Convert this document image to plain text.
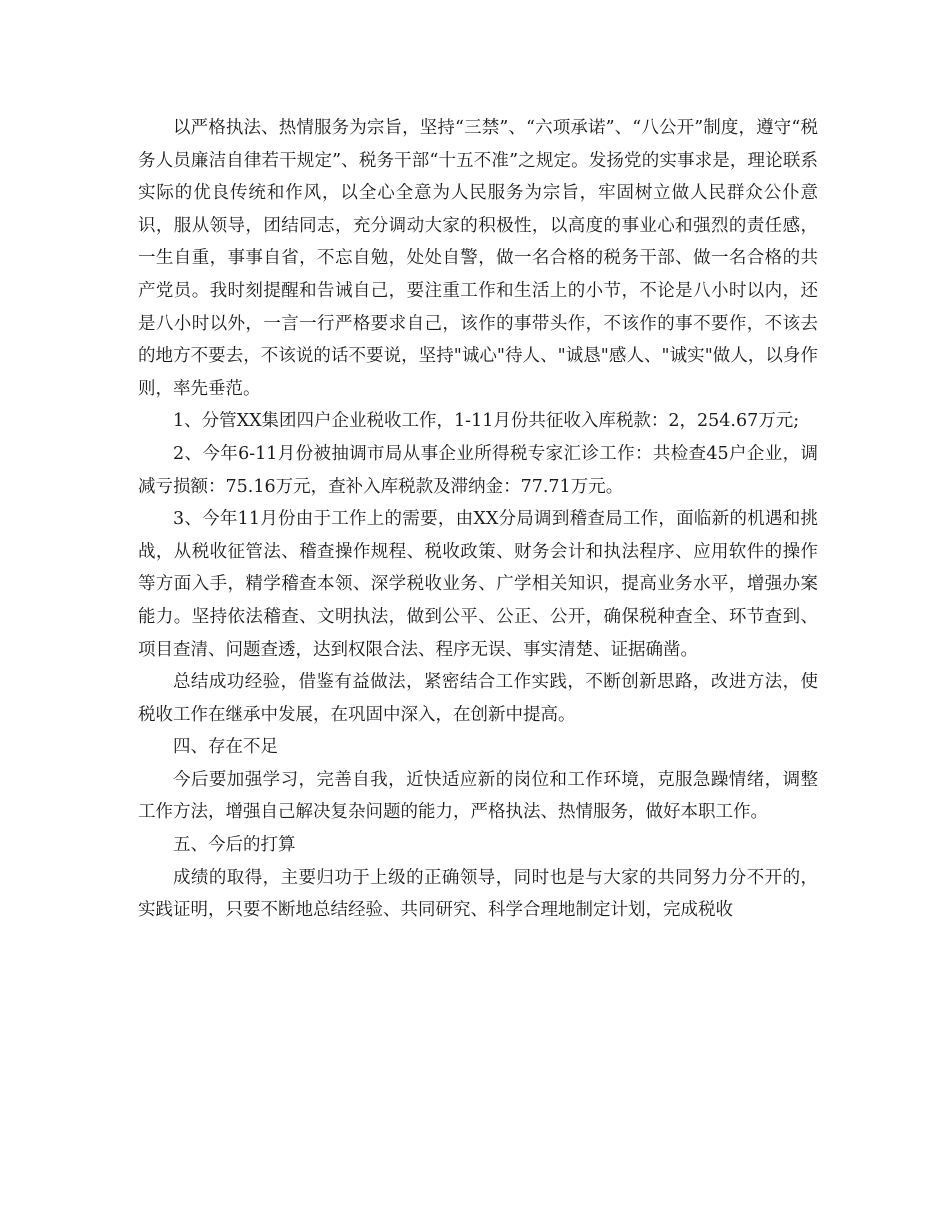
以严格执法、热情服务为宗旨，坚持“三禁”、“六项承诺”、“八公开”制度，遵守“税务人员廉洁自律若干规定”、税务干部“十五不准”之规定。发扬党的实事求是，理论联系实际的优良传统和作风，以全心全意为人民服务为宗旨，牢固树立做人民群众公仆意识，服从领导，团结同志，充分调动大家的积极性，以高度的事业心和强烈的责任感，一生自重，事事自省，不忘自勉，处处自警，做一名合格的税务干部、做一名合格的共产党员。我时刻提醒和告诫自己，要注重工作和生活上的小节，不论是八小时以内，还是八小时以外，一言一行严格要求自己，该作的事带头作，不该作的事不要作，不该去的地方不要去，不该说的话不要说，坚持"诚心"待人、"诚恳"感人、"诚实"做人，以身作则，率先垂范。

1、分管XX集团四户企业税收工作，1-11月份共征收入库税款：2，254.67万元;

2、今年6-11月份被抽调市局从事企业所得税专家汇诊工作：共检查45户企业，调减亏损额：75.16万元，查补入库税款及滞纳金：77.71万元。

3、今年11月份由于工作上的需要，由XX分局调到稽查局工作，面临新的机遇和挑战，从税收征管法、稽查操作规程、税收政策、财务会计和执法程序、应用软件的操作等方面入手，精学稽查本领、深学税收业务、广学相关知识，提高业务水平，增强办案能力。坚持依法稽查、文明执法，做到公平、公正、公开，确保税种查全、环节查到、项目查清、问题查透，达到权限合法、程序无误、事实清楚、证据确凿。

总结成功经验，借鉴有益做法，紧密结合工作实践，不断创新思路，改进方法，使税收工作在继承中发展，在巩固中深入，在创新中提高。

四、存在不足

今后要加强学习，完善自我，近快适应新的岗位和工作环境，克服急躁情绪，调整工作方法，增强自己解决复杂问题的能力，严格执法、热情服务，做好本职工作。

五、今后的打算

成绩的取得，主要归功于上级的正确领导，同时也是与大家的共同努力分不开的，实践证明，只要不断地总结经验、共同研究、科学合理地制定计划，完成税收
